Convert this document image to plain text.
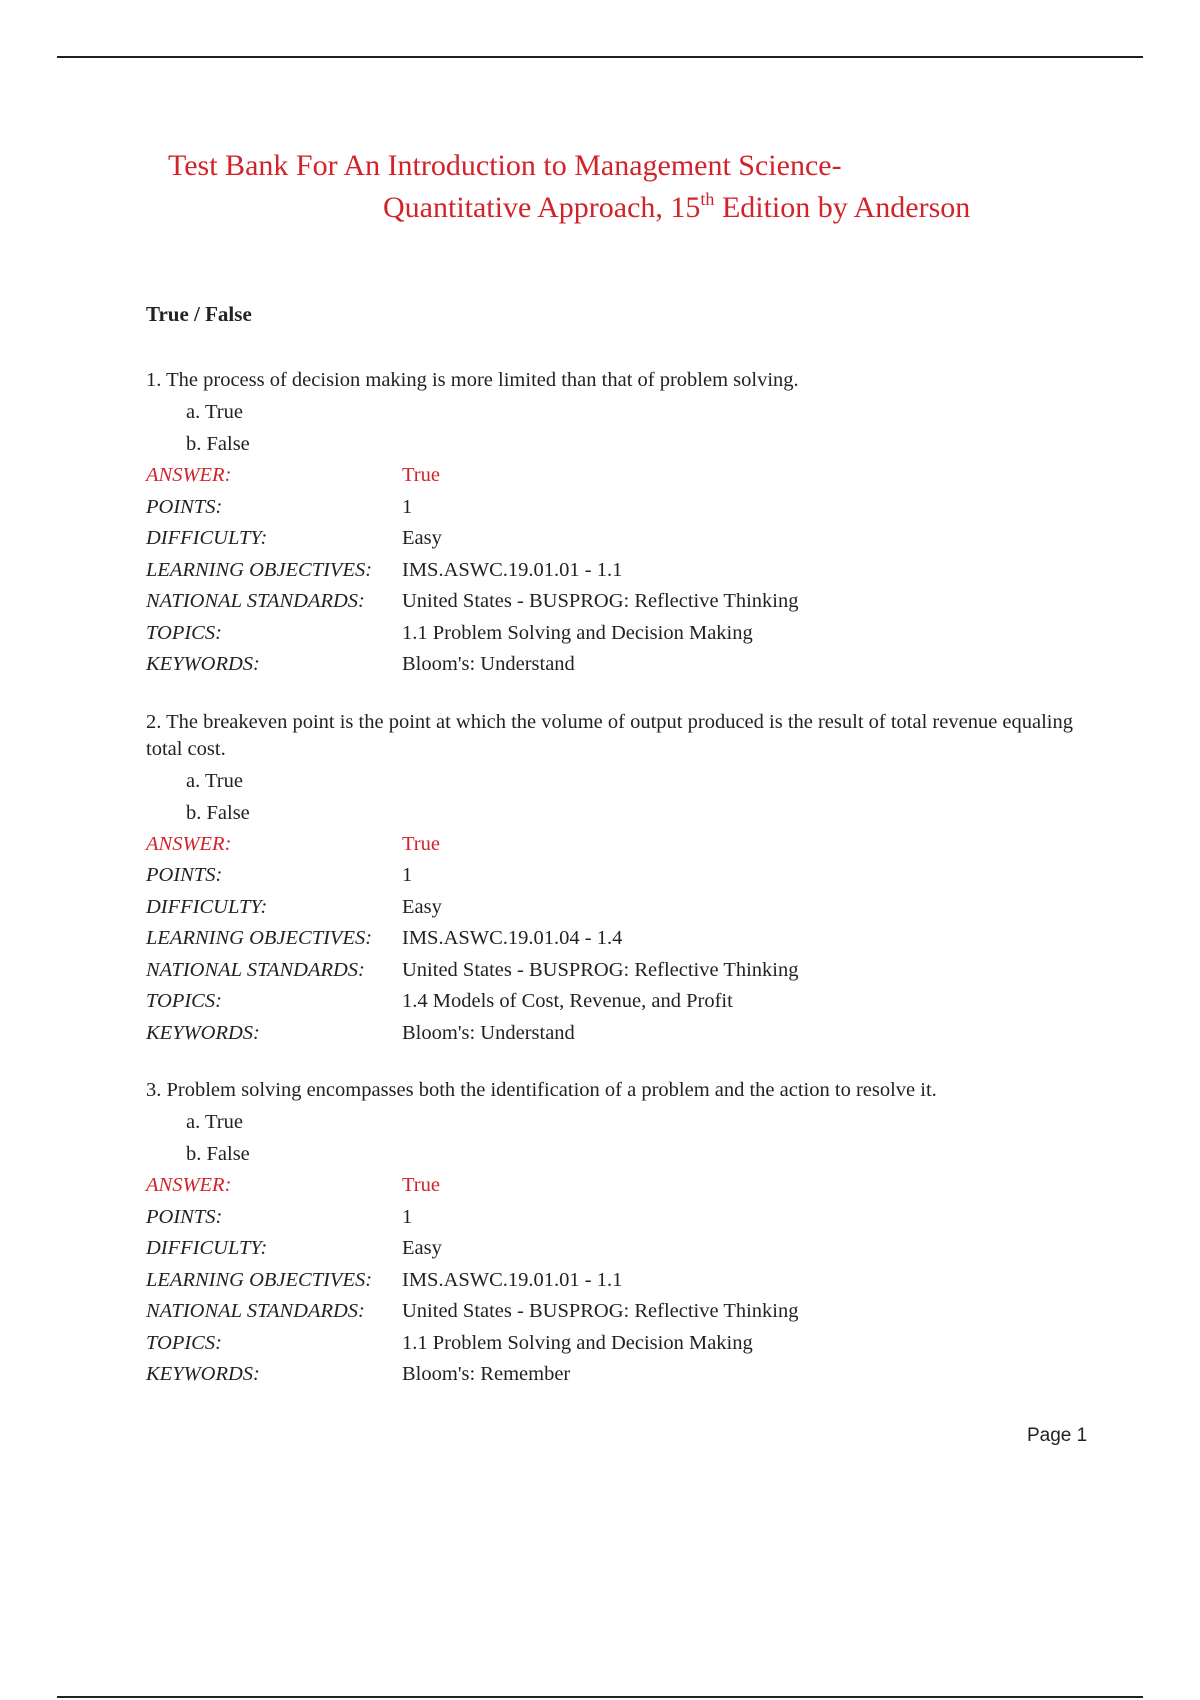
Test Bank For An Introduction to Management Science-
Quantitative Approach, 15th Edition by Anderson
True / False
1. The process of decision making is more limited than that of problem solving.
a. True
b. False
ANSWER:	True
POINTS:	1
DIFFICULTY:	Easy
LEARNING OBJECTIVES:	IMS.ASWC.19.01.01 - 1.1
NATIONAL STANDARDS:	United States - BUSPROG: Reflective Thinking
TOPICS:	1.1 Problem Solving and Decision Making
KEYWORDS:	Bloom's: Understand
2. The breakeven point is the point at which the volume of output produced is the result of total revenue equaling total cost.
a. True
b. False
ANSWER:	True
POINTS:	1
DIFFICULTY:	Easy
LEARNING OBJECTIVES:	IMS.ASWC.19.01.04 - 1.4
NATIONAL STANDARDS:	United States - BUSPROG: Reflective Thinking
TOPICS:	1.4 Models of Cost, Revenue, and Profit
KEYWORDS:	Bloom's: Understand
3. Problem solving encompasses both the identification of a problem and the action to resolve it.
a. True
b. False
ANSWER:	True
POINTS:	1
DIFFICULTY:	Easy
LEARNING OBJECTIVES:	IMS.ASWC.19.01.01 - 1.1
NATIONAL STANDARDS:	United States - BUSPROG: Reflective Thinking
TOPICS:	1.1 Problem Solving and Decision Making
KEYWORDS:	Bloom's: Remember
Page 1
